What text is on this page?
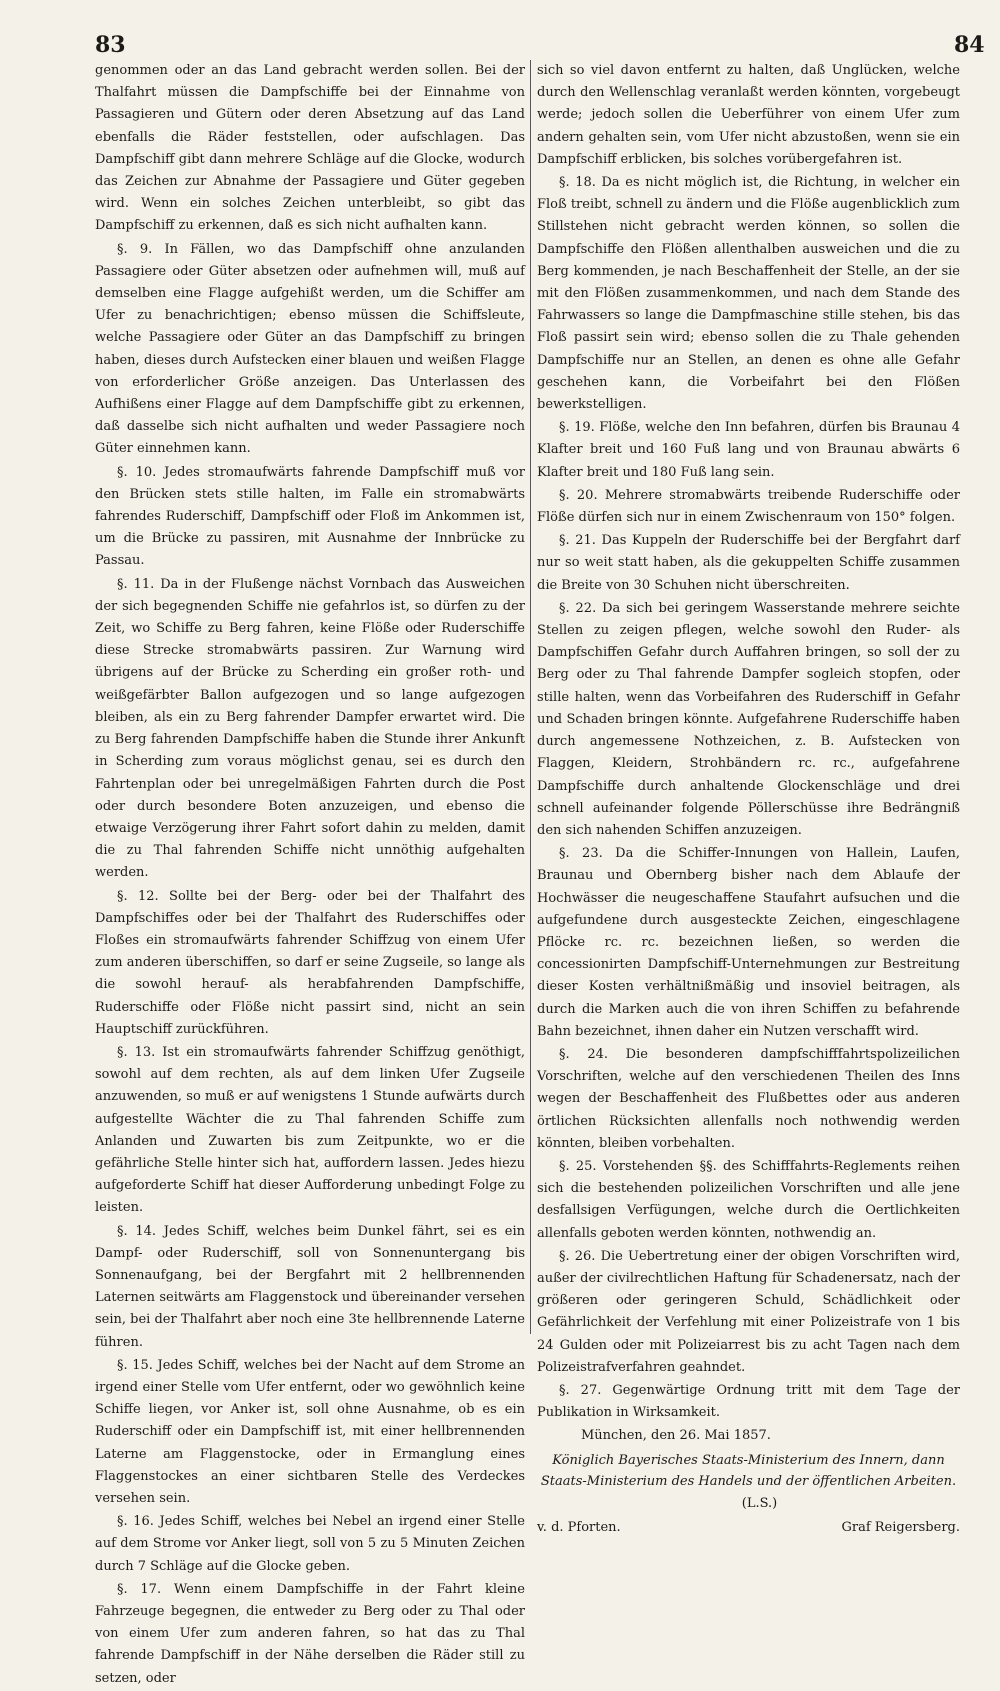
83	84

genommen oder an das Land gebracht werden sollen. Bei der Thalfahrt müssen die Dampfschiffe bei der Einnahme von Passagieren und Gütern oder deren Absetzung auf das Land ebenfalls die Räder feststellen, oder aufschlagen. Das Dampfschiff gibt dann mehrere Schläge auf die Glocke, wodurch das Zeichen zur Abnahme der Passagiere und Güter gegeben wird. Wenn ein solches Zeichen unterbleibt, so gibt das Dampfschiff zu erkennen, daß es sich nicht aufhalten kann.

§. 9. In Fällen, wo das Dampfschiff ohne anzulanden Passagiere oder Güter absetzen oder aufnehmen will, muß auf demselben eine Flagge aufgehißt werden, um die Schiffer am Ufer zu benachrichtigen; ebenso müssen die Schiffsleute, welche Passagiere oder Güter an das Dampfschiff zu bringen haben, dieses durch Aufstecken einer blauen und weißen Flagge von erforderlicher Größe anzeigen. Das Unterlassen des Aufhißens einer Flagge auf dem Dampfschiffe gibt zu erkennen, daß dasselbe sich nicht aufhalten und weder Passagiere noch Güter einnehmen kann.

§. 10. Jedes stromaufwärts fahrende Dampfschiff muß vor den Brücken stets stille halten, im Falle ein stromabwärts fahrendes Ruderschiff, Dampfschiff oder Floß im Ankommen ist, um die Brücke zu passiren, mit Ausnahme der Innbrücke zu Passau.

§. 11. Da in der Flußenge nächst Vornbach das Ausweichen der sich begegnenden Schiffe nie gefahrlos ist, so dürfen zu der Zeit, wo Schiffe zu Berg fahren, keine Flöße oder Ruderschiffe diese Strecke stromabwärts passiren. Zur Warnung wird übrigens auf der Brücke zu Scherding ein großer roth- und weißgefärbter Ballon aufgezogen und so lange aufgezogen bleiben, als ein zu Berg fahrender Dampfer erwartet wird. Die zu Berg fahrenden Dampfschiffe haben die Stunde ihrer Ankunft in Scherding zum voraus möglichst genau, sei es durch den Fahrtenplan oder bei unregelmäßigen Fahrten durch die Post oder durch besondere Boten anzuzeigen, und ebenso die etwaige Verzögerung ihrer Fahrt sofort dahin zu melden, damit die zu Thal fahrenden Schiffe nicht unnöthig aufgehalten werden.

§. 12. Sollte bei der Berg- oder bei der Thalfahrt des Dampfschiffes oder bei der Thalfahrt des Ruderschiffes oder Floßes ein stromaufwärts fahrender Schiffzug von einem Ufer zum anderen überschiffen, so darf er seine Zugseile, so lange als die sowohl herauf- als herabfahrenden Dampfschiffe, Ruderschiffe oder Flöße nicht passirt sind, nicht an sein Hauptschiff zurückführen.

§. 13. Ist ein stromaufwärts fahrender Schiffzug genöthigt, sowohl auf dem rechten, als auf dem linken Ufer Zugseile anzuwenden, so muß er auf wenigstens 1 Stunde aufwärts durch aufgestellte Wächter die zu Thal fahrenden Schiffe zum Anlanden und Zuwarten bis zum Zeitpunkte, wo er die gefährliche Stelle hinter sich hat, auffordern lassen. Jedes hiezu aufgeforderte Schiff hat dieser Aufforderung unbedingt Folge zu leisten.

§. 14. Jedes Schiff, welches beim Dunkel fährt, sei es ein Dampf- oder Ruderschiff, soll von Sonnenuntergang bis Sonnenaufgang, bei der Bergfahrt mit 2 hellbrennenden Laternen seitwärts am Flaggenstock und übereinander versehen sein, bei der Thalfahrt aber noch eine 3te hellbrennende Laterne führen.

§. 15. Jedes Schiff, welches bei der Nacht auf dem Strome an irgend einer Stelle vom Ufer entfernt, oder wo gewöhnlich keine Schiffe liegen, vor Anker ist, soll ohne Ausnahme, ob es ein Ruderschiff oder ein Dampfschiff ist, mit einer hellbrennenden Laterne am Flaggenstocke, oder in Ermanglung eines Flaggenstockes an einer sichtbaren Stelle des Verdeckes versehen sein.

§. 16. Jedes Schiff, welches bei Nebel an irgend einer Stelle auf dem Strome vor Anker liegt, soll von 5 zu 5 Minuten Zeichen durch 7 Schläge auf die Glocke geben.

§. 17. Wenn einem Dampfschiffe in der Fahrt kleine Fahrzeuge begegnen, die entweder zu Berg oder zu Thal oder von einem Ufer zum anderen fahren, so hat das zu Thal fahrende Dampfschiff in der Nähe derselben die Räder still zu setzen, oder

sich so viel davon entfernt zu halten, daß Unglücken, welche durch den Wellenschlag veranlaßt werden könnten, vorgebeugt werde; jedoch sollen die Ueberführer von einem Ufer zum andern gehalten sein, vom Ufer nicht abzustoßen, wenn sie ein Dampfschiff erblicken, bis solches vorübergefahren ist.

§. 18. Da es nicht möglich ist, die Richtung, in welcher ein Floß treibt, schnell zu ändern und die Flöße augenblicklich zum Stillstehen nicht gebracht werden können, so sollen die Dampfschiffe den Flößen allenthalben ausweichen und die zu Berg kommenden, je nach Beschaffenheit der Stelle, an der sie mit den Flößen zusammenkommen, und nach dem Stande des Fahrwassers so lange die Dampfmaschine stille stehen, bis das Floß passirt sein wird; ebenso sollen die zu Thale gehenden Dampfschiffe nur an Stellen, an denen es ohne alle Gefahr geschehen kann, die Vorbeifahrt bei den Flößen bewerkstelligen.

§. 19. Flöße, welche den Inn befahren, dürfen bis Braunau 4 Klafter breit und 160 Fuß lang und von Braunau abwärts 6 Klafter breit und 180 Fuß lang sein.

§. 20. Mehrere stromabwärts treibende Ruderschiffe oder Flöße dürfen sich nur in einem Zwischenraum von 150° folgen.

§. 21. Das Kuppeln der Ruderschiffe bei der Bergfahrt darf nur so weit statt haben, als die gekuppelten Schiffe zusammen die Breite von 30 Schuhen nicht überschreiten.

§. 22. Da sich bei geringem Wasserstande mehrere seichte Stellen zu zeigen pflegen, welche sowohl den Ruder- als Dampfschiffen Gefahr durch Auffahren bringen, so soll der zu Berg oder zu Thal fahrende Dampfer sogleich stopfen, oder stille halten, wenn das Vorbeifahren des Ruderschiff in Gefahr und Schaden bringen könnte. Aufgefahrene Ruderschiffe haben durch angemessene Nothzeichen, z. B. Aufstecken von Flaggen, Kleidern, Strohbändern rc. rc., aufgefahrene Dampfschiffe durch anhaltende Glockenschläge und drei schnell aufeinander folgende Pöllerschüsse ihre Bedrängniß den sich nahenden Schiffen anzuzeigen.

§. 23. Da die Schiffer-Innungen von Hallein, Laufen, Braunau und Obernberg bisher nach dem Ablaufe der Hochwässer die neugeschaffene Staufahrt aufsuchen und die aufgefundene durch ausgesteckte Zeichen, eingeschlagene Pflöcke rc. rc. bezeichnen ließen, so werden die concessionirten Dampfschiff-Unternehmungen zur Bestreitung dieser Kosten verhältnißmäßig und insoviel beitragen, als durch die Marken auch die von ihren Schiffen zu befahrende Bahn bezeichnet, ihnen daher ein Nutzen verschafft wird.

§. 24. Die besonderen dampfschifffahrtspolizeilichen Vorschriften, welche auf den verschiedenen Theilen des Inns wegen der Beschaffenheit des Flußbettes oder aus anderen örtlichen Rücksichten allenfalls noch nothwendig werden könnten, bleiben vorbehalten.

§. 25. Vorstehenden §§. des Schifffahrts-Reglements reihen sich die bestehenden polizeilichen Vorschriften und alle jene desfallsigen Verfügungen, welche durch die Oertlichkeiten allenfalls geboten werden könnten, nothwendig an.

§. 26. Die Uebertretung einer der obigen Vorschriften wird, außer der civilrechtlichen Haftung für Schadenersatz, nach der größeren oder geringeren Schuld, Schädlichkeit oder Gefährlichkeit der Verfehlung mit einer Polizeistrafe von 1 bis 24 Gulden oder mit Polizeiarrest bis zu acht Tagen nach dem Polizeistrafverfahren geahndet.

§. 27. Gegenwärtige Ordnung tritt mit dem Tage der Publikation in Wirksamkeit.

München, den 26. Mai 1857.

Königlich Bayerisches Staats-Ministerium des Innern, dann Staats-Ministerium des Handels und der öffentlichen Arbeiten.

(L.S.)

v. d. Pforten.	Graf Reigersberg.
